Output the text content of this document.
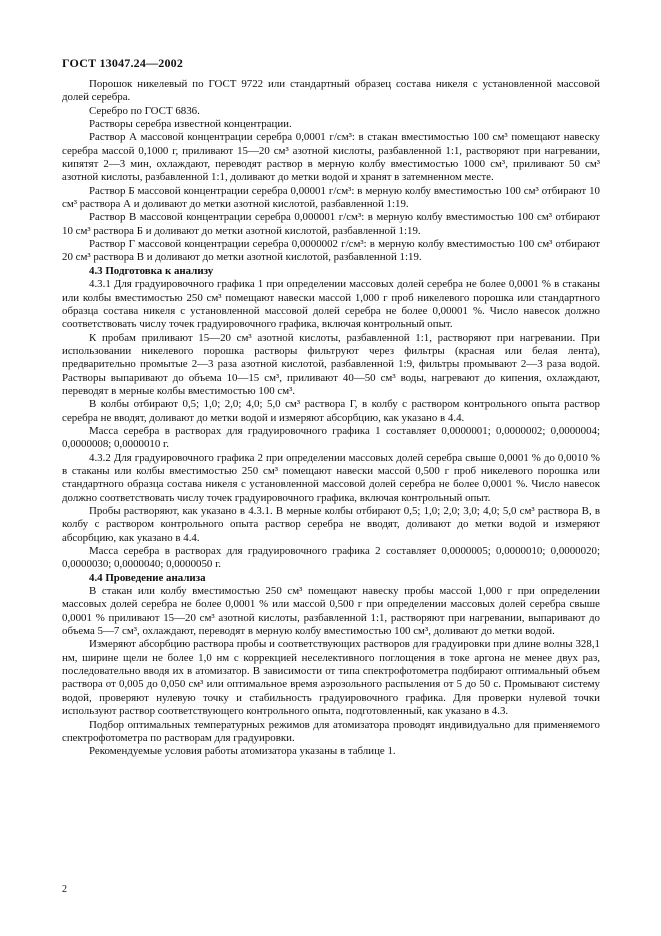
ГОСТ 13047.24—2002

Порошок никелевый по ГОСТ 9722 или стандартный образец состава никеля с установленной массовой долей серебра.

Серебро по ГОСТ 6836.

Растворы серебра известной концентрации.

Раствор А массовой концентрации серебра 0,0001 г/см³: в стакан вместимостью 100 см³ помещают навеску серебра массой 0,1000 г, приливают 15—20 см³ азотной кислоты, разбавленной 1:1, растворяют при нагревании, кипятят 2—3 мин, охлаждают, переводят раствор в мерную колбу вместимостью 1000 см³, приливают 50 см³ азотной кислоты, разбавленной 1:1, доливают до метки водой и хранят в затемненном месте.

Раствор Б массовой концентрации серебра 0,00001 г/см³: в мерную колбу вместимостью 100 см³ отбирают 10 см³ раствора А и доливают до метки азотной кислотой, разбавленной 1:19.

Раствор В массовой концентрации серебра 0,000001 г/см³: в мерную колбу вместимостью 100 см³ отбирают 10 см³ раствора Б и доливают до метки азотной кислотой, разбавленной 1:19.

Раствор Г массовой концентрации серебра 0,0000002 г/см³: в мерную колбу вместимостью 100 см³ отбирают 20 см³ раствора В и доливают до метки азотной кислотой, разбавленной 1:19.

4.3 Подготовка к анализу

4.3.1 Для градуировочного графика 1 при определении массовых долей серебра не более 0,0001 % в стаканы или колбы вместимостью 250 см³ помещают навески массой 1,000 г проб никелевого порошка или стандартного образца состава никеля с установленной массовой долей серебра не более 0,00001 %. Число навесок должно соответствовать числу точек градуировочного графика, включая контрольный опыт.

К пробам приливают 15—20 см³ азотной кислоты, разбавленной 1:1, растворяют при нагревании. При использовании никелевого порошка растворы фильтруют через фильтры (красная или белая лента), предварительно промытые 2—3 раза азотной кислотой, разбавленной 1:9, фильтры промывают 2—3 раза водой. Растворы выпаривают до объема 10—15 см³, приливают 40—50 см³ воды, нагревают до кипения, охлаждают, переводят в мерные колбы вместимостью 100 см³.

В колбы отбирают 0,5; 1,0; 2,0; 4,0; 5,0 см³ раствора Г, в колбу с раствором контрольного опыта раствор серебра не вводят, доливают до метки водой и измеряют абсорбцию, как указано в 4.4.

Масса серебра в растворах для градуировочного графика 1 составляет 0,0000001; 0,0000002; 0,0000004; 0,0000008; 0,0000010 г.

4.3.2 Для градуировочного графика 2 при определении массовых долей серебра свыше 0,0001 % до 0,0010 % в стаканы или колбы вместимостью 250 см³ помещают навески массой 0,500 г проб никелевого порошка или стандартного образца состава никеля с установленной массовой долей серебра не более 0,0001 %. Число навесок должно соответствовать числу точек градуировочного графика, включая контрольный опыт.

Пробы растворяют, как указано в 4.3.1. В мерные колбы отбирают 0,5; 1,0; 2,0; 3,0; 4,0; 5,0 см³ раствора В, в колбу с раствором контрольного опыта раствор серебра не вводят, доливают до метки водой и измеряют абсорбцию, как указано в 4.4.

Масса серебра в растворах для градуировочного графика 2 составляет 0,0000005; 0,0000010; 0,0000020; 0,0000030; 0,0000040; 0,0000050 г.

4.4 Проведение анализа

В стакан или колбу вместимостью 250 см³ помещают навеску пробы массой 1,000 г при определении массовых долей серебра не более 0,0001 % или массой 0,500 г при определении массовых долей серебра свыше 0,0001 % приливают 15—20 см³ азотной кислоты, разбавленной 1:1, растворяют при нагревании, выпаривают до объема 5—7 см³, охлаждают, переводят в мерную колбу вместимостью 100 см³, доливают до метки водой.

Измеряют абсорбцию раствора пробы и соответствующих растворов для градуировки при длине волны 328,1 нм, ширине щели не более 1,0 нм с коррекцией неселективного поглощения в токе аргона не менее двух раз, последовательно вводя их в атомизатор. В зависимости от типа спектрофотометра подбирают оптимальный объем раствора от 0,005 до 0,050 см³ или оптимальное время аэрозольного распыления от 5 до 50 с. Промывают систему водой, проверяют нулевую точку и стабильность градуировочного графика. Для проверки нулевой точки используют раствор соответствующего контрольного опыта, подготовленный, как указано в 4.3.

Подбор оптимальных температурных режимов для атомизатора проводят индивидуально для применяемого спектрофотометра по растворам для градуировки.

Рекомендуемые условия работы атомизатора указаны в таблице 1.

2
